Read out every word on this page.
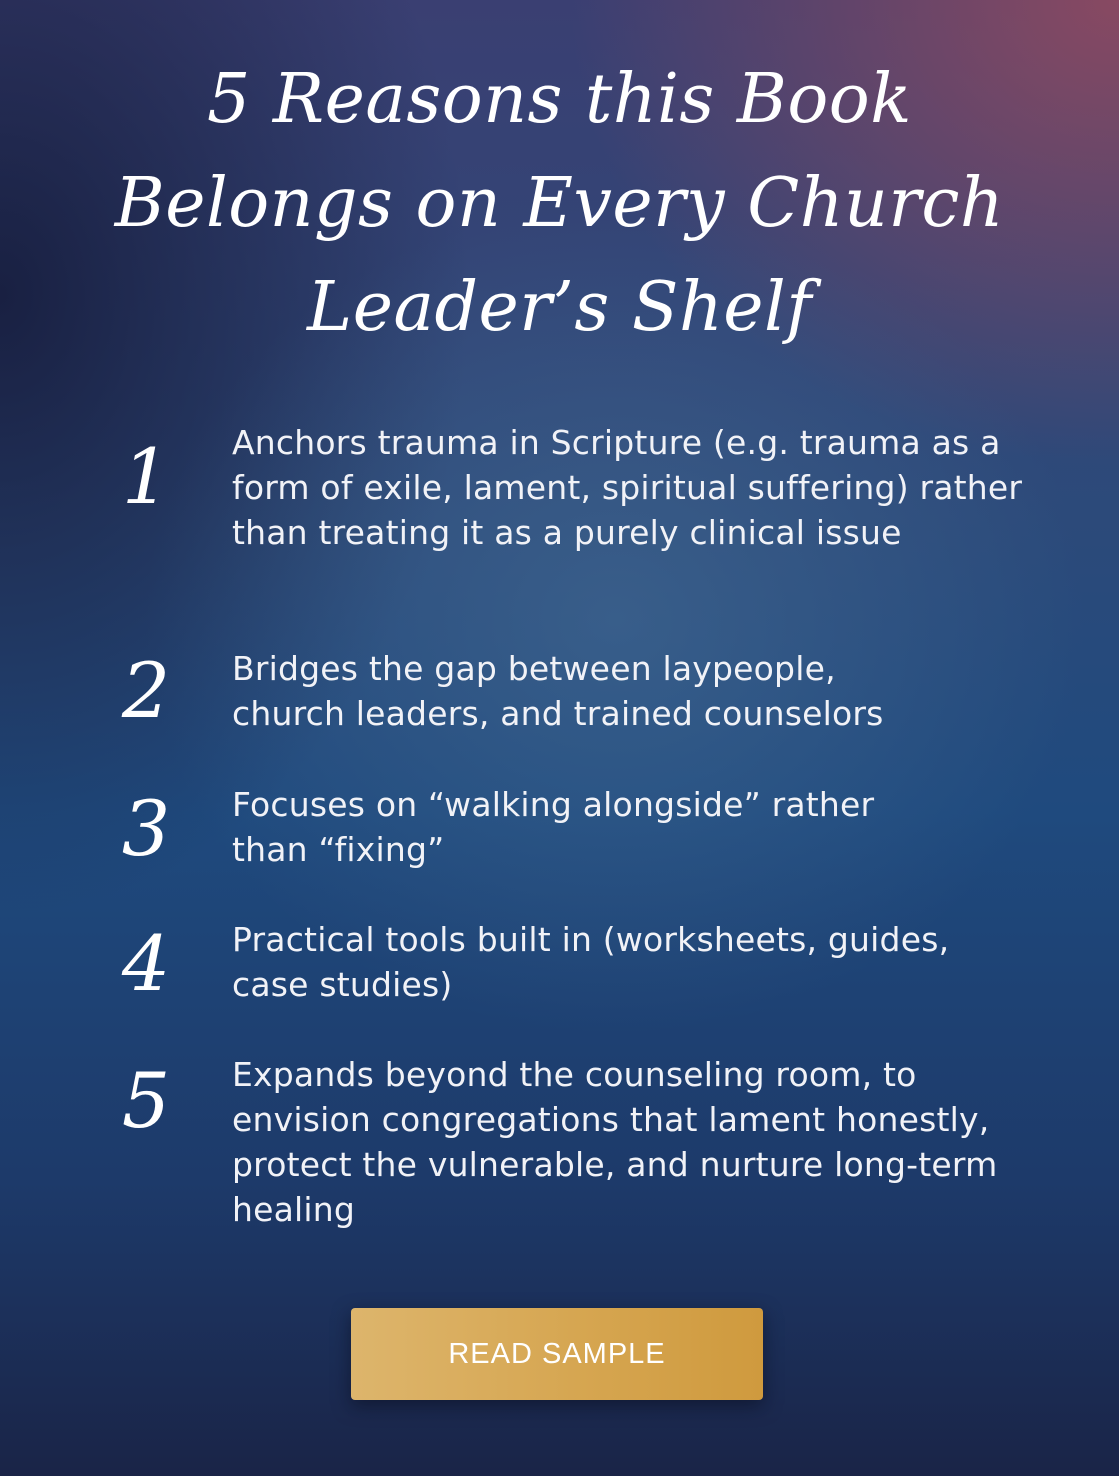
5 Reasons this Book
Belongs on Every Church
Leader’s Shelf
1	Anchors trauma in Scripture (e.g. trauma as a form of exile, lament, spiritual suffering) rather than treating it as a purely clinical issue

2	Bridges the gap between laypeople, church leaders, and trained counselors

3	Focuses on “walking alongside” rather than “fixing”

4	Practical tools built in (worksheets, guides, case studies)

5	Expands beyond the counseling room, to envision congregations that lament honestly, protect the vulnerable, and nurture long-term healing

READ SAMPLE
